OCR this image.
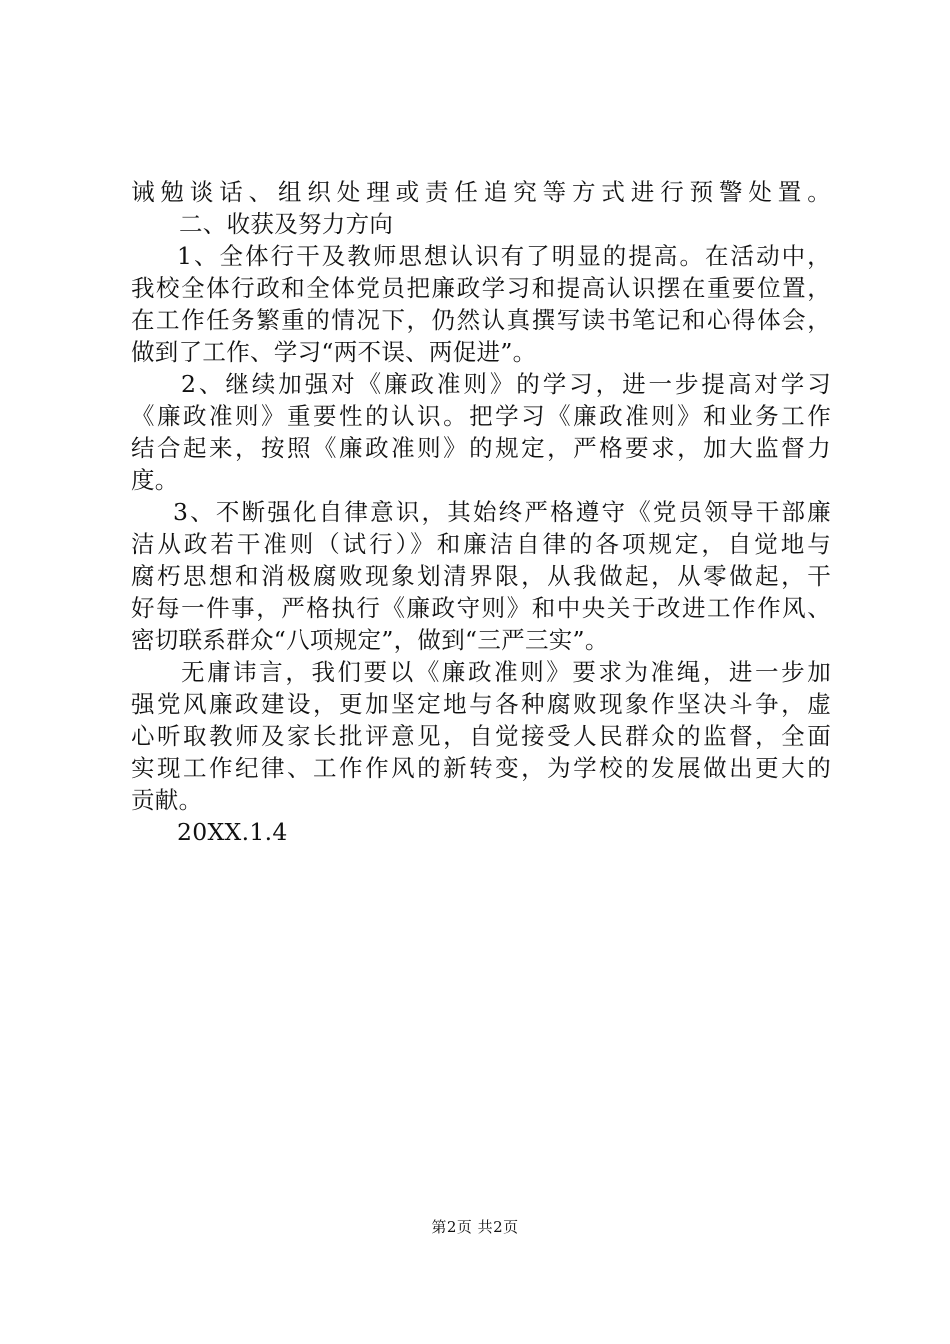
诫勉谈话、组织处理或责任追究等方式进行预警处置。
二、收获及努力方向
1、全体行干及教师思想认识有了明显的提高。在活动中，
我校全体行政和全体党员把廉政学习和提高认识摆在重要位置，
在工作任务繁重的情况下，仍然认真撰写读书笔记和心得体会，
做到了工作、学习“两不误、两促进”。
2、继续加强对《廉政准则》的学习，进一步提高对学习
《廉政准则》重要性的认识。把学习《廉政准则》和业务工作
结合起来，按照《廉政准则》的规定，严格要求，加大监督力
度。
3、不断强化自律意识，其始终严格遵守《党员领导干部廉
洁从政若干准则（试行）》和廉洁自律的各项规定，自觉地与
腐朽思想和消极腐败现象划清界限，从我做起，从零做起，干
好每一件事，严格执行《廉政守则》和中央关于改进工作作风、
密切联系群众“八项规定”，做到“三严三实”。
无庸讳言，我们要以《廉政准则》要求为准绳，进一步加
强党风廉政建设，更加坚定地与各种腐败现象作坚决斗争，虚
心听取教师及家长批评意见，自觉接受人民群众的监督，全面
实现工作纪律、工作作风的新转变，为学校的发展做出更大的
贡献。
20XX.1.4
第2页 共2页
